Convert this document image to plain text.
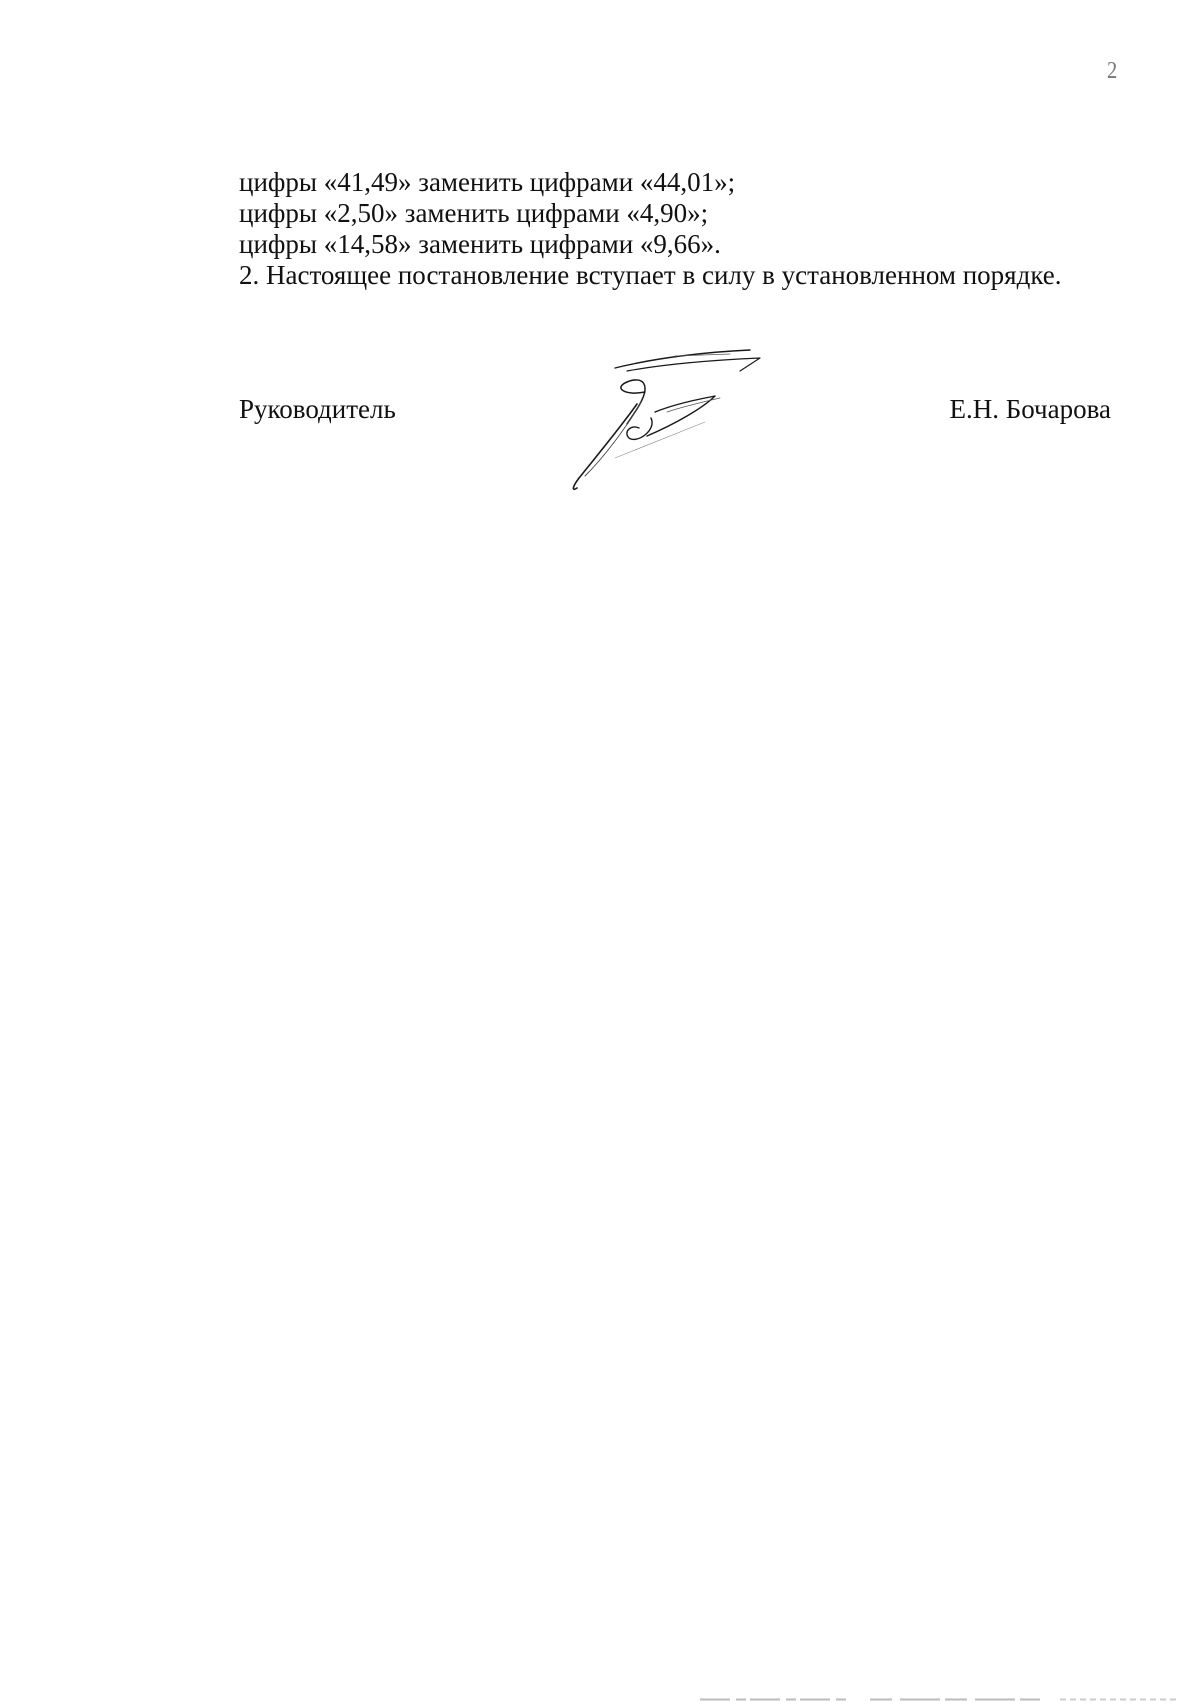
2
цифры «41,49» заменить цифрами «44,01»;
цифры «2,50» заменить цифрами «4,90»;
цифры «14,58» заменить цифрами «9,66».
2. Настоящее постановление вступает в силу в установленном порядке.
Руководитель	Е.Н. Бочарова
